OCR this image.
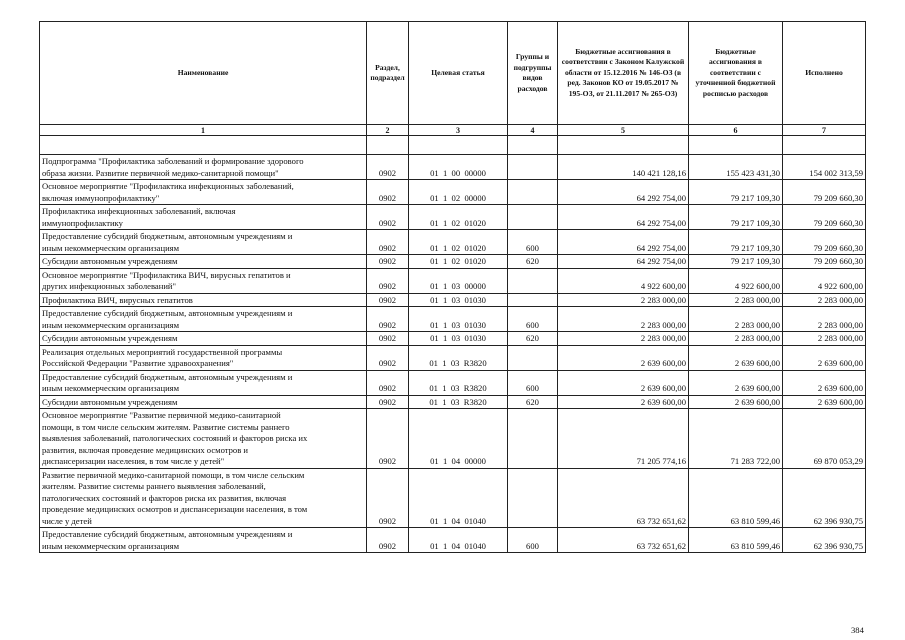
Наименование	Раздел, подраздел	Целевая статья	Группы и подгруппы видов расходов	Бюджетные ассигнования в соответствии с Законом Калужской области от 15.12.2016 № 146-ОЗ (в ред. Законов КО от 19.05.2017 № 195-ОЗ, от 21.11.2017 № 265-ОЗ)	Бюджетные ассигнования в соответствии с уточненной бюджетной росписью расходов	Исполнено
1	2	3	4	5	6	7

Подпрограмма "Профилактика заболеваний и формирование здорового
образа жизни. Развитие первичной медико-санитарной помощи"	0902	01  1  00  00000		140 421 128,16	155 423 431,30	154 002 313,59

Основное мероприятие "Профилактика инфекционных заболеваний,
включая иммунопрофилактику"	0902	01  1  02  00000		64 292 754,00	79 217 109,30	79 209 660,30

Профилактика инфекционных заболеваний, включая
иммунопрофилактику	0902	01  1  02  01020		64 292 754,00	79 217 109,30	79 209 660,30

Предоставление субсидий бюджетным, автономным учреждениям и
иным некоммерческим организациям	0902	01  1  02  01020	600	64 292 754,00	79 217 109,30	79 209 660,30

Субсидии автономным учреждениям	0902	01  1  02  01020	620	64 292 754,00	79 217 109,30	79 209 660,30

Основное мероприятие "Профилактика ВИЧ, вирусных гепатитов и
других инфекционных заболеваний"	0902	01  1  03  00000		4 922 600,00	4 922 600,00	4 922 600,00

Профилактика ВИЧ, вирусных гепатитов	0902	01  1  03  01030		2 283 000,00	2 283 000,00	2 283 000,00

Предоставление субсидий бюджетным, автономным учреждениям и
иным некоммерческим организациям	0902	01  1  03  01030	600	2 283 000,00	2 283 000,00	2 283 000,00

Субсидии автономным учреждениям	0902	01  1  03  01030	620	2 283 000,00	2 283 000,00	2 283 000,00

Реализация отдельных мероприятий государственной программы
Российской Федерации "Развитие здравоохранения"	0902	01  1  03  R3820		2 639 600,00	2 639 600,00	2 639 600,00

Предоставление субсидий бюджетным, автономным учреждениям и
иным некоммерческим организациям	0902	01  1  03  R3820	600	2 639 600,00	2 639 600,00	2 639 600,00

Субсидии автономным учреждениям	0902	01  1  03  R3820	620	2 639 600,00	2 639 600,00	2 639 600,00

Основное мероприятие "Развитие первичной медико-санитарной
помощи, в том числе сельским жителям. Развитие системы раннего
выявления заболеваний, патологических состояний и факторов риска их
развития, включая проведение медицинских осмотров и
диспансеризации населения, в том числе у детей"	0902	01  1  04  00000		71 205 774,16	71 283 722,00	69 870 053,29

Развитие первичной медико-санитарной помощи, в том числе сельским
жителям. Развитие системы раннего выявления заболеваний,
патологических состояний и факторов риска их развития, включая
проведение медицинских осмотров и диспансеризации населения, в том
числе у детей	0902	01  1  04  01040		63 732 651,62	63 810 599,46	62 396 930,75

Предоставление субсидий бюджетным, автономным учреждениям и
иным некоммерческим организациям	0902	01  1  04  01040	600	63 732 651,62	63 810 599,46	62 396 930,75
384
